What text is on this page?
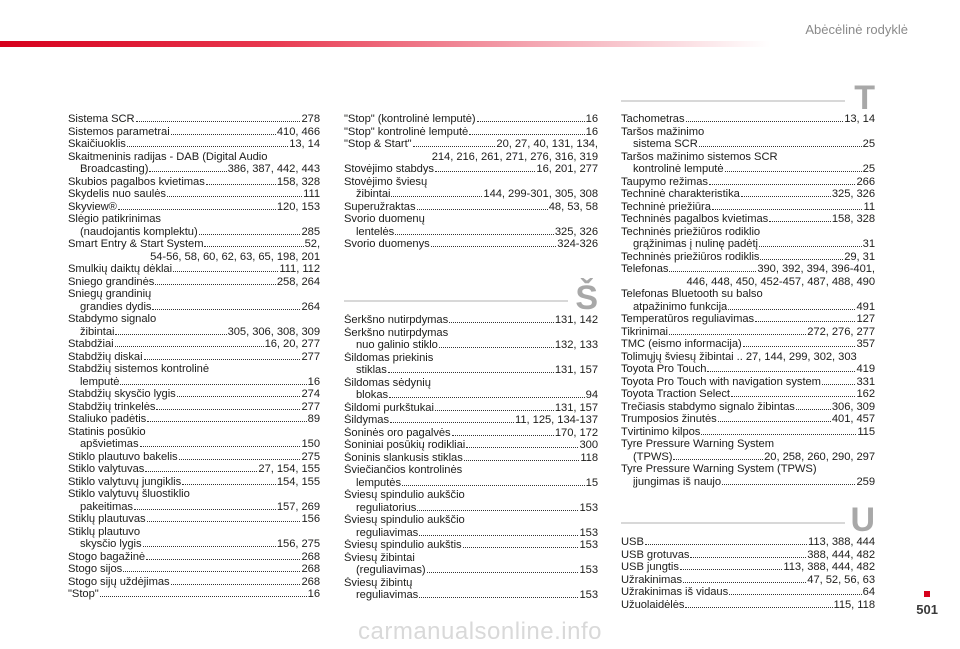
Abėcėlinė rodyklė
Sistema SCR	278
Sistemos parametrai	410, 466
Skaičiuoklis	13, 14
Skaitmeninis radijas - DAB (Digital Audio
Broadcasting)	386, 387, 442, 443
Skubios pagalbos kvietimas	158, 328
Skydelis nuo saulės	111
Skyview®	120, 153
Slėgio patikrinimas
(naudojantis komplektu)	285
Smart Entry & Start System	52,
54-56, 58, 60, 62, 63, 65, 198, 201
Smulkių daiktų dėklai	111, 112
Sniego grandinės	258, 264
Sniegų grandinių
grandies dydis	264
Stabdymo signalo
žibintai	305, 306, 308, 309
Stabdžiai	16, 20, 277
Stabdžių diskai	277
Stabdžių sistemos kontrolinė
lemputė	16
Stabdžių skysčio lygis	274
Stabdžių trinkelės	277
Staliuko padėtis	89
Statinis posūkio
apšvietimas	150
Stiklo plautuvo bakelis	275
Stiklo valytuvas	27, 154, 155
Stiklo valytuvų jungiklis	154, 155
Stiklo valytuvų šluostiklio
pakeitimas	157, 269
Stiklų plautuvas	156
Stiklų plautuvo
skysčio lygis	156, 275
Stogo bagažinė	268
Stogo sijos	268
Stogo sijų uždėjimas	268
"Stop"	16
"Stop" (kontrolinė lemputė)	16
"Stop" kontrolinė lemputė	16
"Stop & Start"	20, 27, 40, 131, 134,
214, 216, 261, 271, 276, 316, 319
Stovėjimo stabdys	16, 201, 277
Stovėjimo šviesų
žibintai	144, 299-301, 305, 308
Superužraktas	48, 53, 58
Svorio duomenų
lentelės	325, 326
Svorio duomenys	324-326
Š
Šerkšno nutirpdymas	131, 142
Šerkšno nutirpdymas
nuo galinio stiklo	132, 133
Šildomas priekinis
stiklas	131, 157
Šildomas sėdynių
blokas	94
Šildomi purkštukai	131, 157
Šildymas	11, 125, 134-137
Šoninės oro pagalvės	170, 172
Šoniniai posūkių rodikliai	300
Šoninis slankusis stiklas	118
Šviečiančios kontrolinės
lemputės	15
Šviesų spindulio aukščio
reguliatorius	153
Šviesų spindulio aukščio
reguliavimas	153
Šviesų spindulio aukštis	153
Šviesų žibintai
(reguliavimas)	153
Šviesų žibintų
reguliavimas	153
T
Tachometras	13, 14
Taršos mažinimo
sistema SCR	25
Taršos mažinimo sistemos SCR
kontrolinė lemputė	25
Taupymo režimas	266
Techninė charakteristika	325, 326
Techninė priežiūra	11
Techninės pagalbos kvietimas	158, 328
Techninės priežiūros rodiklio
grąžinimas į nulinę padėtį	31
Techninės priežiūros rodiklis	29, 31
Telefonas	390, 392, 394, 396-401,
446, 448, 450, 452-457, 487, 488, 490
Telefonas Bluetooth su balso
atpažinimo funkcija	491
Temperatūros reguliavimas	127
Tikrinimai	272, 276, 277
TMC (eismo informacija)	357
Tolimųjų šviesų žibintai .. 27, 144, 299, 302, 303
Toyota Pro Touch	419
Toyota Pro Touch with navigation system	331
Toyota Traction Select	162
Trečiasis stabdymo signalo žibintas	306, 309
Trumposios žinutės	401, 457
Tvirtinimo kilpos	115
Tyre Pressure Warning System
(TPWS)	20, 258, 260, 290, 297
Tyre Pressure Warning System (TPWS)
įjungimas iš naujo	259
U
USB	113, 388, 444
USB grotuvas	388, 444, 482
USB jungtis	113, 388, 444, 482
Užrakinimas	47, 52, 56, 63
Užrakinimas iš vidaus	64
Užuolaidėlės	115, 118	501
carmanualsonline.info
